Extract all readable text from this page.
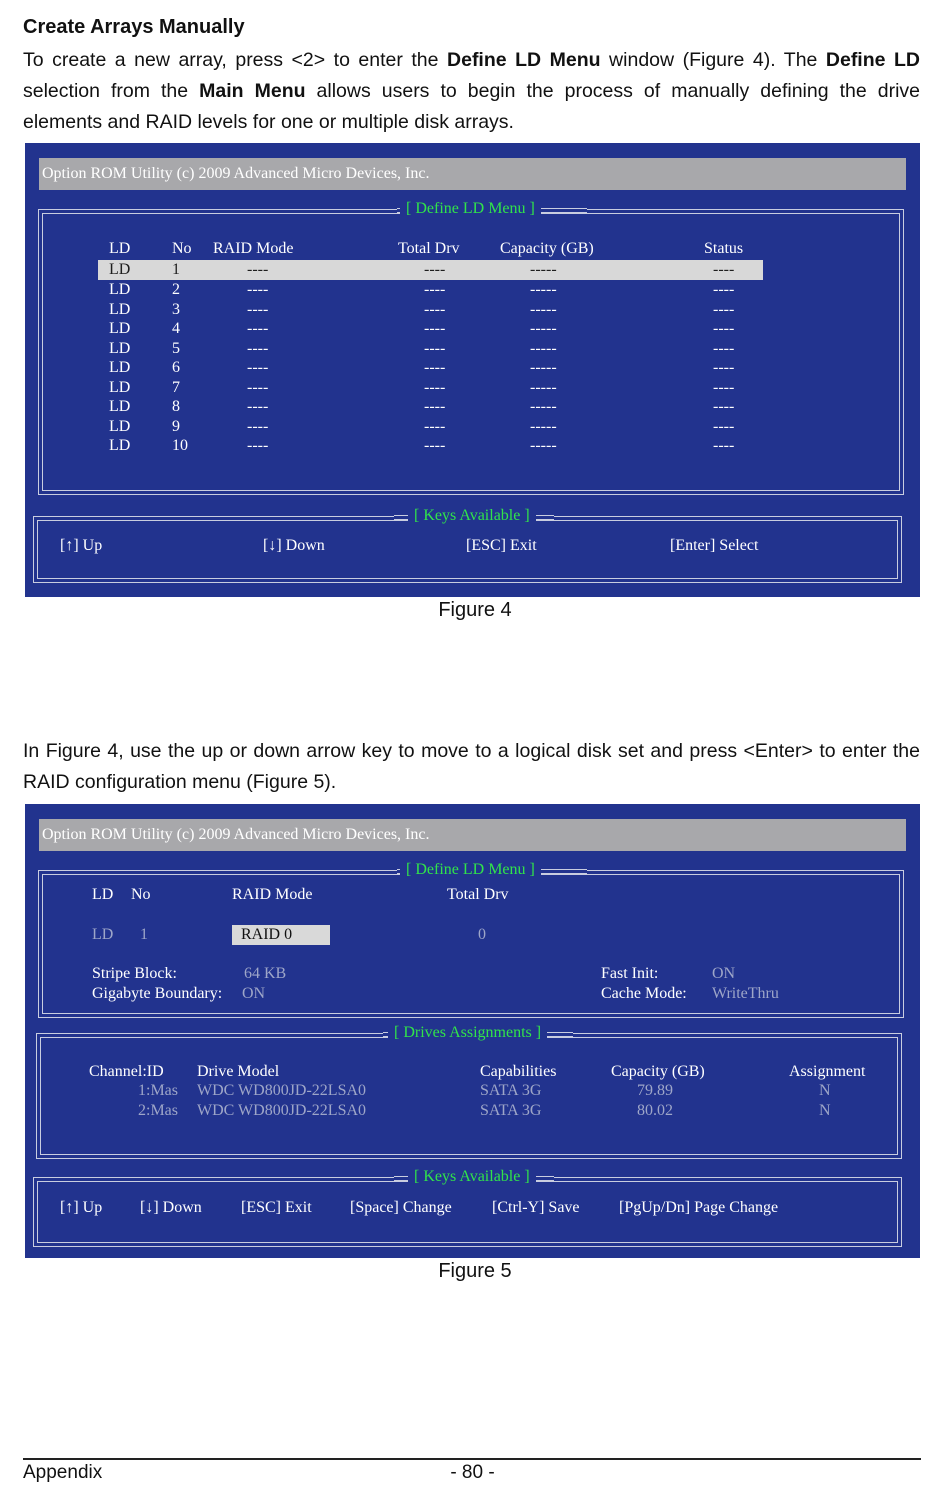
Create Arrays Manually
To create a new array, press <2> to enter the Define LD Menu window (Figure 4). The Define LD selection from the Main Menu allows users to begin the process of manually defining the drive elements and RAID levels for one or multiple disk arrays.
Option ROM Utility (c) 2009 Advanced Micro Devices, Inc.
[ Define LD Menu ]
LD	No RAID Mode	Total Drv	Capacity (GB)	Status
LD	1	----	----	-----	----
LD	2	----	----	-----	----
LD	3	----	----	-----	----
LD	4	----	----	-----	----
LD	5	----	----	-----	----
LD	6	----	----	-----	----
LD	7	----	----	-----	----
LD	8	----	----	-----	----
LD	9	----	----	-----	----
LD	10	----	----	-----	----
[ Keys Available ]
[↑] Up	[↓] Down	[ESC] Exit	[Enter] Select
Figure 4
In Figure 4, use the up or down arrow key to move to a logical disk set and press <Enter> to enter the RAID configuration menu (Figure 5).
Option ROM Utility (c) 2009 Advanced Micro Devices, Inc.
[ Define LD Menu ]
LD No	RAID Mode	Total Drv
LD 1	RAID 0	0
Stripe Block:	64 KB
Gigabyte Boundary: ON
Fast Init:	ON
Cache Mode: WriteThru
[ Drives Assignments ]
Channel:ID Drive Model	Capabilities	Capacity (GB)	Assignment
1:Mas WDC WD800JD-22LSA0	SATA 3G	79.89	N
2:Mas WDC WD800JD-22LSA0	SATA 3G	80.02	N
[ Keys Available ]
[↑] Up [↓] Down [ESC] Exit [Space] Change	[Ctrl-Y] Save [PgUp/Dn] Page Change
Figure 5
Appendix	- 80 -
